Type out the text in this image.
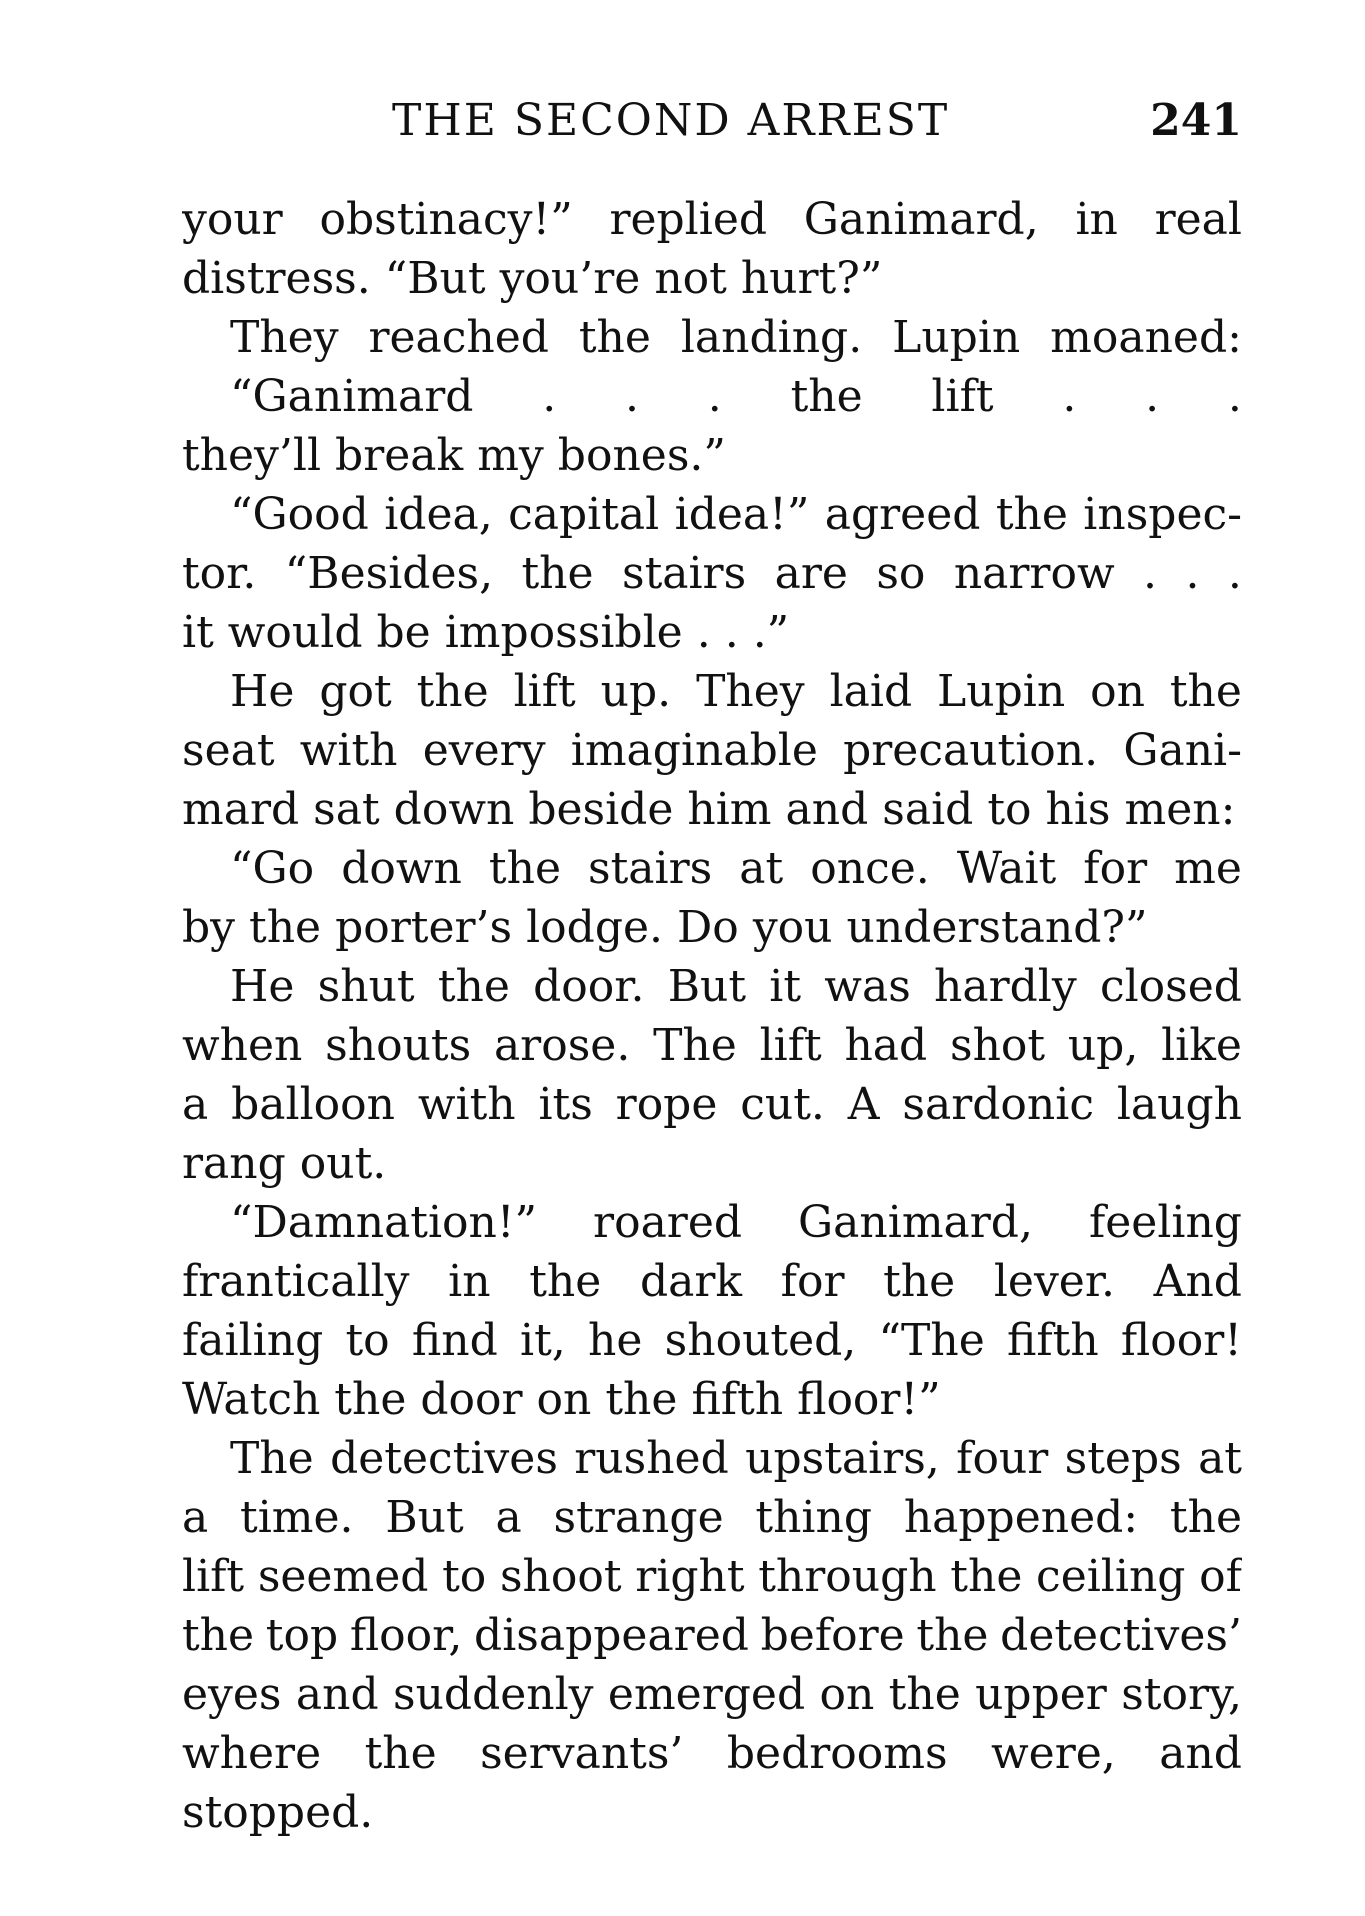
THE SECOND ARREST	241
your obstinacy!” replied Ganimard, in real
distress. “But you’re not hurt?”
They reached the landing. Lupin moaned:
“Ganimard . . . the lift . . .
they’ll break my bones.”
“Good idea, capital idea!” agreed the inspec-
tor. “Besides, the stairs are so narrow . . .
it would be impossible . . .”
He got the lift up. They laid Lupin on the
seat with every imaginable precaution. Gani-
mard sat down beside him and said to his men:
“Go down the stairs at once. Wait for me
by the porter’s lodge. Do you understand?”
He shut the door. But it was hardly closed
when shouts arose. The lift had shot up, like
a balloon with its rope cut. A sardonic laugh
rang out.
“Damnation!” roared Ganimard, feeling
frantically in the dark for the lever. And
failing to find it, he shouted, “The fifth floor!
Watch the door on the fifth floor!”
The detectives rushed upstairs, four steps at
a time. But a strange thing happened: the
lift seemed to shoot right through the ceiling of
the top floor, disappeared before the detectives’
eyes and suddenly emerged on the upper story,
where the servants’ bedrooms were, and
stopped.
